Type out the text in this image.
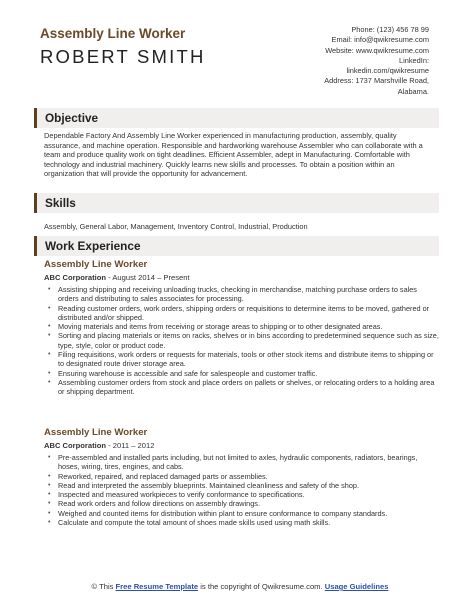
Assembly Line Worker
ROBERT SMITH
Phone: (123) 456 78 99
Email: info@qwikresume.com
Website: www.qwikresume.com
LinkedIn:
linkedin.com/qwikresume
Address: 1737 Marshville Road,
Alabama.
Objective
Dependable Factory And Assembly Line Worker experienced in manufacturing production, assembly, quality assurance, and machine operation. Responsible and hardworking warehouse Assembler who can collaborate with a team and produce quality work on tight deadlines. Efficient Assembler, adept in Manufacturing. Comfortable with technology and industrial machinery. Quickly learns new skills and processes. To obtain a position within an organization that will provide the opportunity for advancement.
Skills
Assembly, General Labor, Management, Inventory Control, Industrial, Production
Work Experience
Assembly Line Worker
ABC Corporation - August 2014 – Present
• Assisting shipping and receiving unloading trucks, checking in merchandise, matching purchase orders to sales orders and distributing to sales associates for processing.
• Reading customer orders, work orders, shipping orders or requisitions to determine items to be moved, gathered or distributed and/or shipped.
• Moving materials and items from receiving or storage areas to shipping or to other designated areas.
• Sorting and placing materials or items on racks, shelves or in bins according to predetermined sequence such as size, type, style, color or product code.
• Filing requisitions, work orders or requests for materials, tools or other stock items and distribute items to shipping or to designated route driver storage area.
• Ensuring warehouse is accessible and safe for salespeople and customer traffic.
• Assembling customer orders from stock and place orders on pallets or shelves, or relocating orders to a holding area or shipping department.
Assembly Line Worker
ABC Corporation - 2011 – 2012
• Pre-assembled and installed parts including, but not limited to axles, hydraulic components, radiators, bearings, hoses, wiring, tires, engines, and cabs.
• Reworked, repaired, and replaced damaged parts or assemblies.
• Read and interpreted the assembly blueprints. Maintained cleanliness and safety of the shop.
• Inspected and measured workpieces to verify conformance to specifications.
• Read work orders and follow directions on assembly drawings.
• Weighed and counted items for distribution within plant to ensure conformance to company standards.
• Calculate and compute the total amount of shoes made skills used using math skills.
© This Free Resume Template is the copyright of Qwikresume.com. Usage Guidelines
